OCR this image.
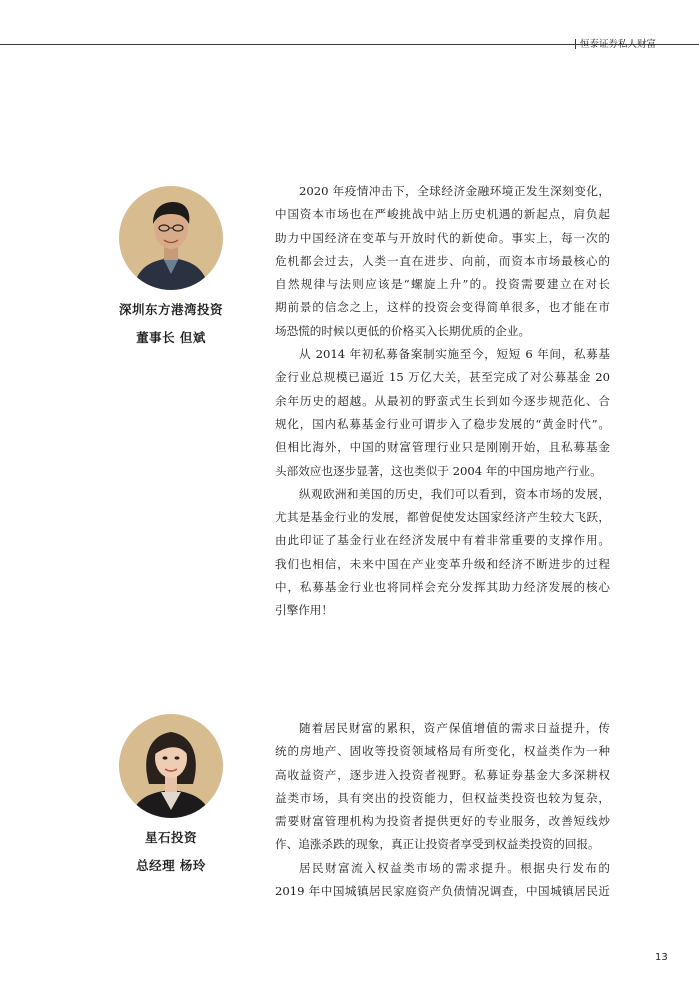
恒泰证券私人财富
深圳东方港湾投资
董事长 但斌
2020 年疫情冲击下，全球经济金融环境正发生深刻变化，
中国资本市场也在严峻挑战中站上历史机遇的新起点，肩负起
助力中国经济在变革与开放时代的新使命。事实上，每一次的
危机都会过去，人类一直在进步、向前，而资本市场最核心的
自然规律与法则应该是“螺旋上升”的。投资需要建立在对长
期前景的信念之上，这样的投资会变得简单很多，也才能在市
场恐慌的时候以更低的价格买入长期优质的企业。
从 2014 年初私募备案制实施至今，短短 6 年间，私募基
金行业总规模已逼近 15 万亿大关，甚至完成了对公募基金 20
余年历史的超越。从最初的野蛮式生长到如今逐步规范化、合
规化，国内私募基金行业可谓步入了稳步发展的“黄金时代”。
但相比海外，中国的财富管理行业只是刚刚开始，且私募基金
头部效应也逐步显著，这也类似于 2004 年的中国房地产行业。
纵观欧洲和美国的历史，我们可以看到，资本市场的发展，
尤其是基金行业的发展，都曾促使发达国家经济产生较大飞跃，
由此印证了基金行业在经济发展中有着非常重要的支撑作用。
我们也相信，未来中国在产业变革升级和经济不断进步的过程
中，私募基金行业也将同样会充分发挥其助力经济发展的核心
引擎作用！
星石投资
总经理 杨玲
随着居民财富的累积，资产保值增值的需求日益提升，传
统的房地产、固收等投资领域格局有所变化，权益类作为一种
高收益资产，逐步进入投资者视野。私募证券基金大多深耕权
益类市场，具有突出的投资能力，但权益类投资也较为复杂，
需要财富管理机构为投资者提供更好的专业服务，改善短线炒
作、追涨杀跌的现象，真正让投资者享受到权益类投资的回报。
居民财富流入权益类市场的需求提升。根据央行发布的
2019 年中国城镇居民家庭资产负债情况调查，中国城镇居民近
13
